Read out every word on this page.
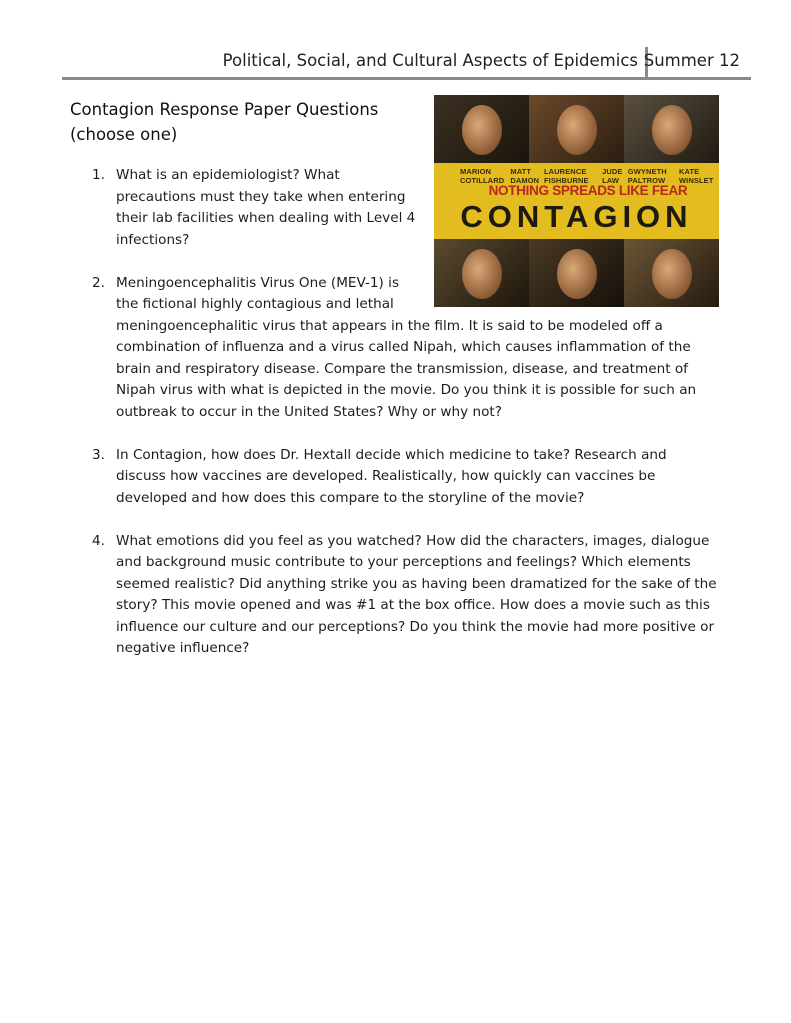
Political, Social, and Cultural Aspects of Epidemics Summer 12
Contagion Response Paper Questions
(choose one)
MARION COTILLARD
MATT DAMON
LAURENCE FISHBURNE
JUDE LAW
GWYNETH PALTROW
KATE WINSLET
NOTHING SPREADS LIKE FEAR
CONTAGION
1. What is an epidemiologist? What
precautions must they take when entering
their lab facilities when dealing with Level 4
infections?
2. Meningoencephalitis Virus One (MEV-1) is
the fictional highly contagious and lethal
meningoencephalitic virus that appears in the film. It is said to be modeled off a
combination of influenza and a virus called Nipah, which causes inflammation of the
brain and respiratory disease. Compare the transmission, disease, and treatment of
Nipah virus with what is depicted in the movie. Do you think it is possible for such an
outbreak to occur in the United States? Why or why not?
3. In Contagion, how does Dr. Hextall decide which medicine to take? Research and
discuss how vaccines are developed. Realistically, how quickly can vaccines be
developed and how does this compare to the storyline of the movie?
4. What emotions did you feel as you watched? How did the characters, images, dialogue
and background music contribute to your perceptions and feelings? Which elements
seemed realistic? Did anything strike you as having been dramatized for the sake of the
story? This movie opened and was #1 at the box office. How does a movie such as this
influence our culture and our perceptions? Do you think the movie had more positive or
negative influence?
